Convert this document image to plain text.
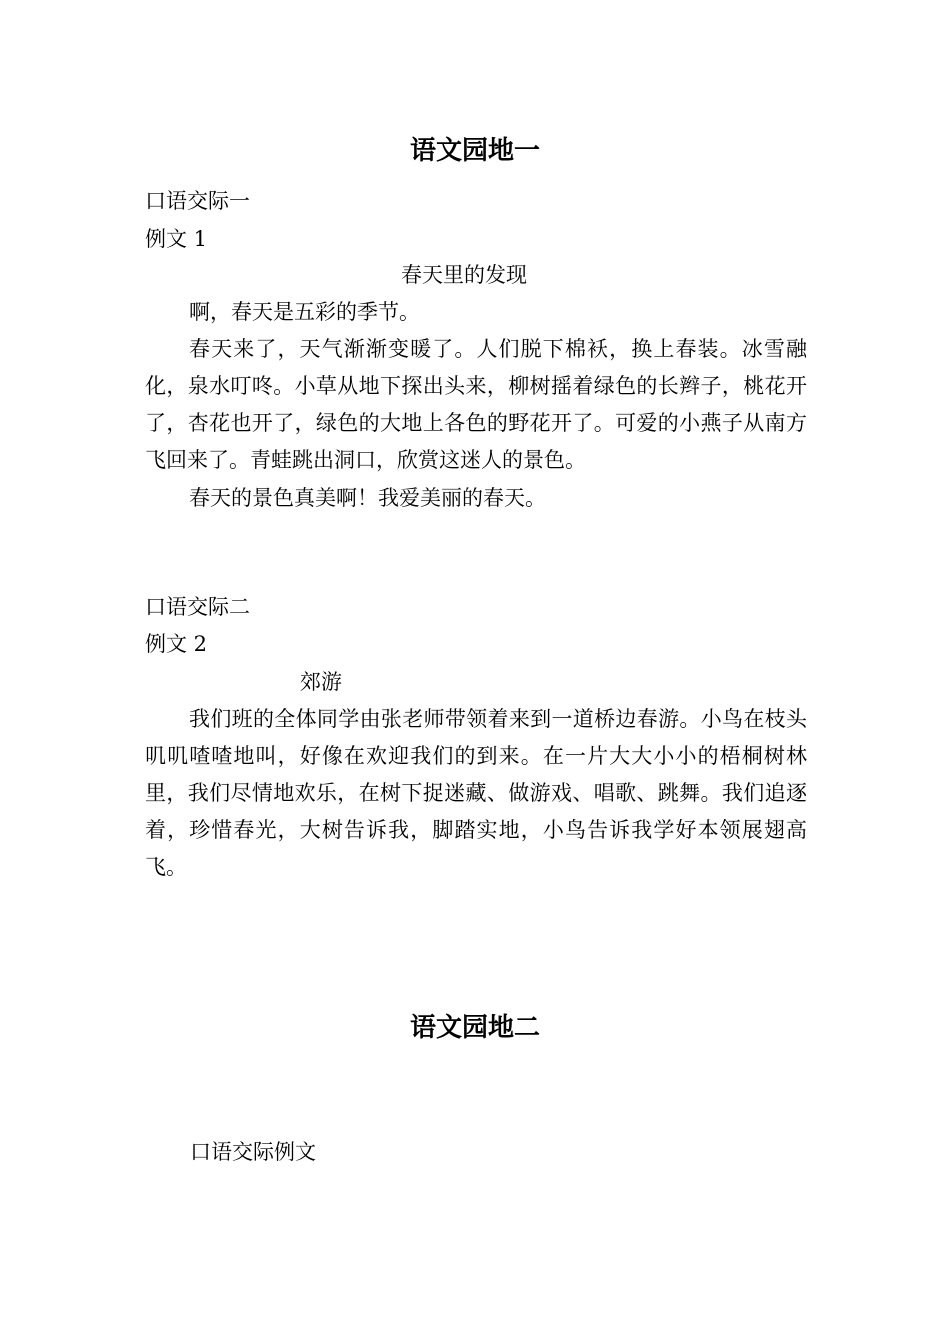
语文园地一

口语交际一

例文 1

春天里的发现

啊，春天是五彩的季节。

春天来了，天气渐渐变暖了。人们脱下棉袄，换上春装。冰雪融化，泉水叮咚。小草从地下探出头来，柳树摇着绿色的长辫子，桃花开了，杏花也开了，绿色的大地上各色的野花开了。可爱的小燕子从南方飞回来了。青蛙跳出洞口，欣赏这迷人的景色。

春天的景色真美啊！我爱美丽的春天。

口语交际二

例文 2

郊游

我们班的全体同学由张老师带领着来到一道桥边春游。小鸟在枝头叽叽喳喳地叫，好像在欢迎我们的到来。在一片大大小小的梧桐树林里，我们尽情地欢乐，在树下捉迷藏、做游戏、唱歌、跳舞。我们追逐着，珍惜春光，大树告诉我，脚踏实地，小鸟告诉我学好本领展翅高飞。

语文园地二

口语交际例文
